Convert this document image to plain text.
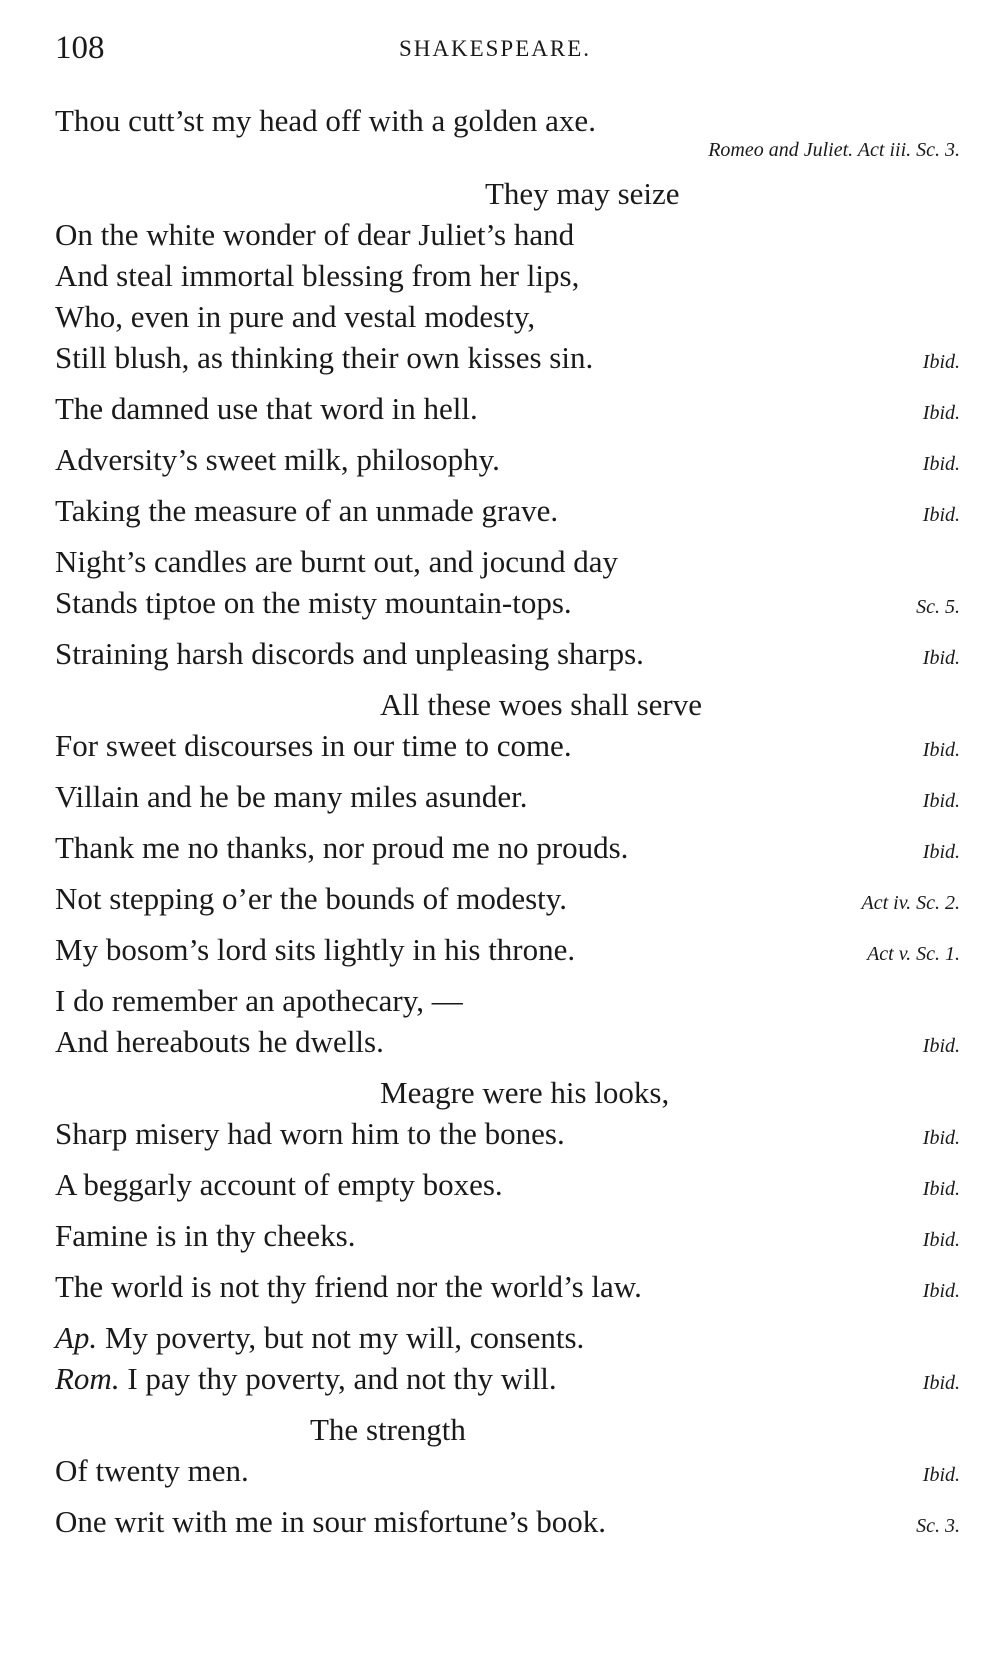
108	SHAKESPEARE.
Thou cutt’st my head off with a golden axe.
Romeo and Juliet. Act iii. Sc. 3.
They may seize
On the white wonder of dear Juliet’s hand
And steal immortal blessing from her lips,
Who, even in pure and vestal modesty,
Still blush, as thinking their own kisses sin.	Ibid.
The damned use that word in hell.	Ibid.
Adversity’s sweet milk, philosophy.	Ibid.
Taking the measure of an unmade grave.	Ibid.
Night’s candles are burnt out, and jocund day
Stands tiptoe on the misty mountain-tops.	Sc. 5.
Straining harsh discords and unpleasing sharps.	Ibid.
All these woes shall serve
For sweet discourses in our time to come.	Ibid.
Villain and he be many miles asunder.	Ibid.
Thank me no thanks, nor proud me no prouds.	Ibid.
Not stepping o’er the bounds of modesty.	Act iv. Sc. 2.
My bosom’s lord sits lightly in his throne.	Act v. Sc. 1.
I do remember an apothecary, —
And hereabouts he dwells.	Ibid.
Meagre were his looks,
Sharp misery had worn him to the bones.	Ibid.
A beggarly account of empty boxes.	Ibid.
Famine is in thy cheeks.	Ibid.
The world is not thy friend nor the world’s law.	Ibid.
Ap. My poverty, but not my will, consents.
Rom. I pay thy poverty, and not thy will.	Ibid.
The strength
Of twenty men.	Ibid.
One writ with me in sour misfortune’s book.	Sc. 3.
